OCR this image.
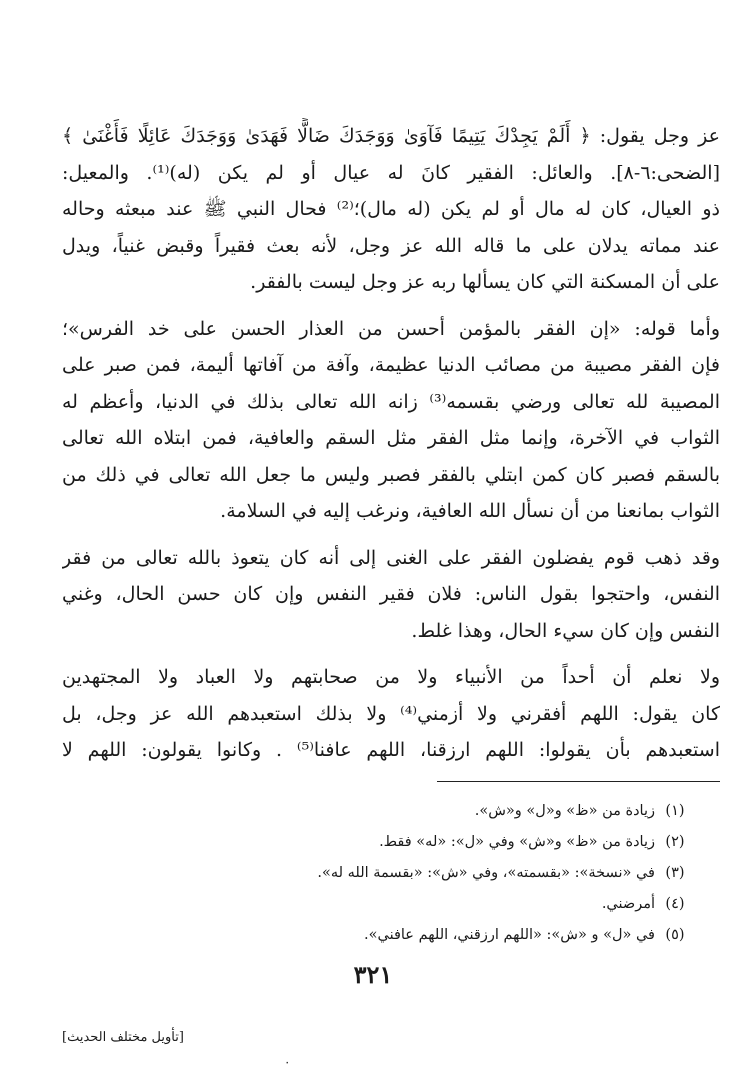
عز وجل يقول: ﴿ أَلَمْ يَجِدْكَ يَتِيمًا فَآوَىٰ وَوَجَدَكَ ضَالًّا فَهَدَىٰ وَوَجَدَكَ عَائِلًا فَأَغْنَىٰ ﴾
[الضحى:٦-٨]. والعائل: الفقير كانَ له عيال أو لم يكن (له)⁽¹⁾. والمعيل:
ذو العيال، كان له مال أو لم يكن (له مال)؛⁽²⁾ فحال النبي ﷺ عند مبعثه وحاله
عند مماته يدلان على ما قاله الله عز وجل، لأنه بعث فقيراً وقبض غنياً، ويدل
على أن المسكنة التي كان يسألها ربه عز وجل ليست بالفقر.
وأما قوله: «إن الفقر بالمؤمن أحسن من العذار الحسن على خد الفرس»؛
فإن الفقر مصيبة من مصائب الدنيا عظيمة، وآفة من آفاتها أليمة، فمن صبر على
المصيبة لله تعالى ورضي بقسمه⁽³⁾ زانه الله تعالى بذلك في الدنيا، وأعظم له
الثواب في الآخرة، وإنما مثل الفقر مثل السقم والعافية، فمن ابتلاه الله تعالى
بالسقم فصبر كان كمن ابتلي بالفقر فصبر وليس ما جعل الله تعالى في ذلك من
الثواب بمانعنا من أن نسأل الله العافية، ونرغب إليه في السلامة.
وقد ذهب قوم يفضلون الفقر على الغنى إلى أنه كان يتعوذ بالله تعالى من فقر
النفس، واحتجوا بقول الناس: فلان فقير النفس وإن كان حسن الحال، وغني
النفس وإن كان سيء الحال، وهذا غلط.
ولا نعلم أن أحداً من الأنبياء ولا من صحابتهم ولا العباد ولا المجتهدين
كان يقول: اللهم أفقرني ولا أزمني⁽⁴⁾ ولا بذلك استعبدهم الله عز وجل، بل
استعبدهم بأن يقولوا: اللهم ارزقنا، اللهم عافنا⁽⁵⁾ . وكانوا يقولون: اللهم لا
(١)
زيادة من «ظ» و«ل» و«ش».
(٢)
زيادة من «ظ» و«ش» وفي «ل»: «له» فقط.
(٣)
في «نسخة»: «بقسمته»، وفي «ش»: «بقسمة الله له».
(٤)
أمرضني.
(٥)
في «ل» و «ش»: «اللهم ارزقني، اللهم عافني».
٣٢١
[تأويل مختلف الحديث]
٠
